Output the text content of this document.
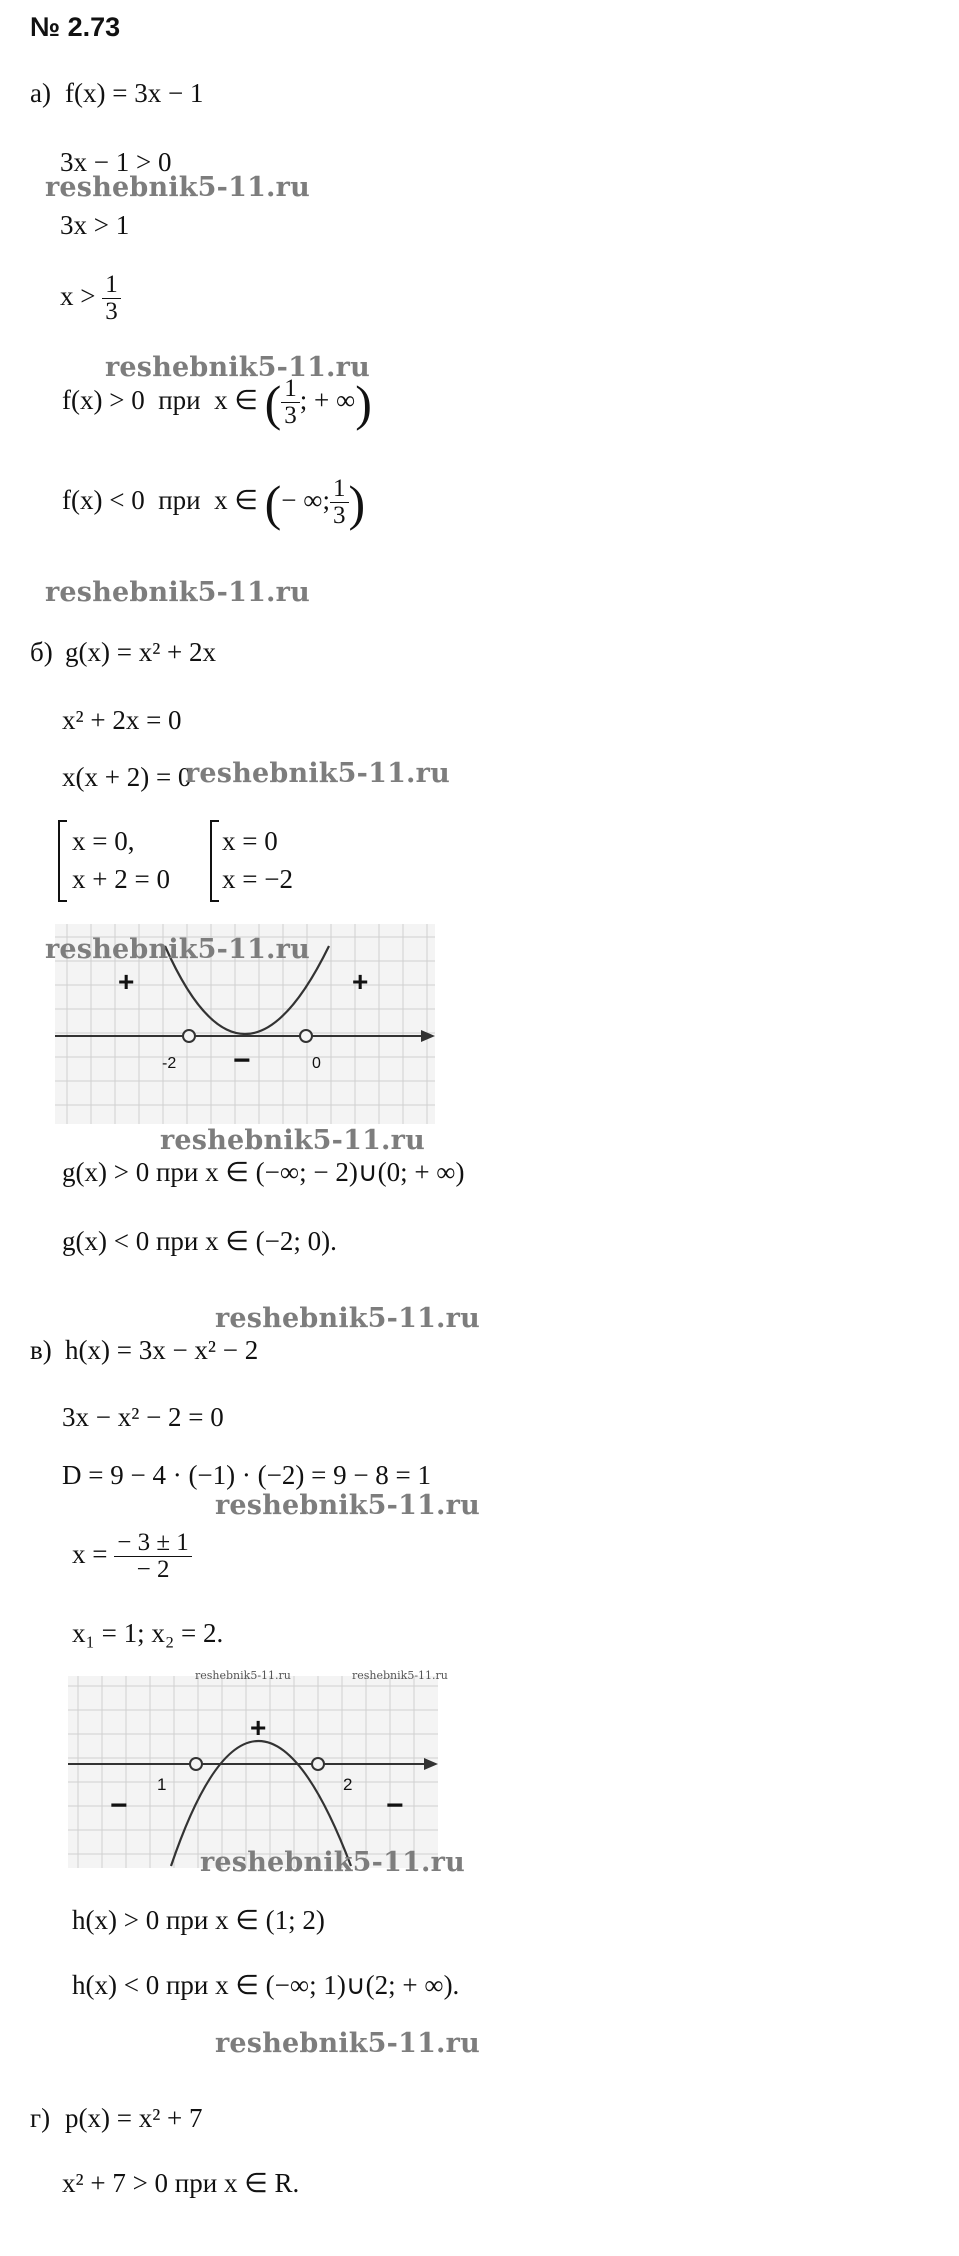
№ 2.73
а) f(x) = 3x − 1
3x − 1 > 0
reshebnik5-11.ru
3x > 1
$x > \frac{1}{3}$
reshebnik5-11.ru
f(x) > 0 при x ∈ ( $\frac{1}{3}$ ; + ∞)
f(x) < 0 при x ∈ (− ∞; $\frac{1}{3}$ )
reshebnik5-11.ru
б) g(x) = x² + 2x
x² + 2x = 0
x(x + 2) = 0
reshebnik5-11.ru
x = 0,
x + 2 = 0
x = 0
x = −2
+	+
−
-2	0
reshebnik5-11.ru
reshebnik5-11.ru
g(x) > 0 при x ∈ (−∞; − 2)∪(0; + ∞)
g(x) < 0 при x ∈ (−2; 0).
reshebnik5-11.ru
в) h(x) = 3x − x² − 2
3x − x² − 2 = 0
D = 9 − 4 · (−1) · (−2) = 9 − 8 = 1
reshebnik5-11.ru
$x = \frac{- 3 \pm 1}{- 2}$
x₁ = 1; x₂ = 2.
reshebnik5-11.ru	reshebnik5-11.ru
+
−	−
1	2
reshebnik5-11.ru
h(x) > 0 при x ∈ (1; 2)
h(x) < 0 при x ∈ (−∞; 1)∪(2; + ∞).
reshebnik5-11.ru
г) p(x) = x² + 7
x² + 7 > 0 при x ∈ R.
